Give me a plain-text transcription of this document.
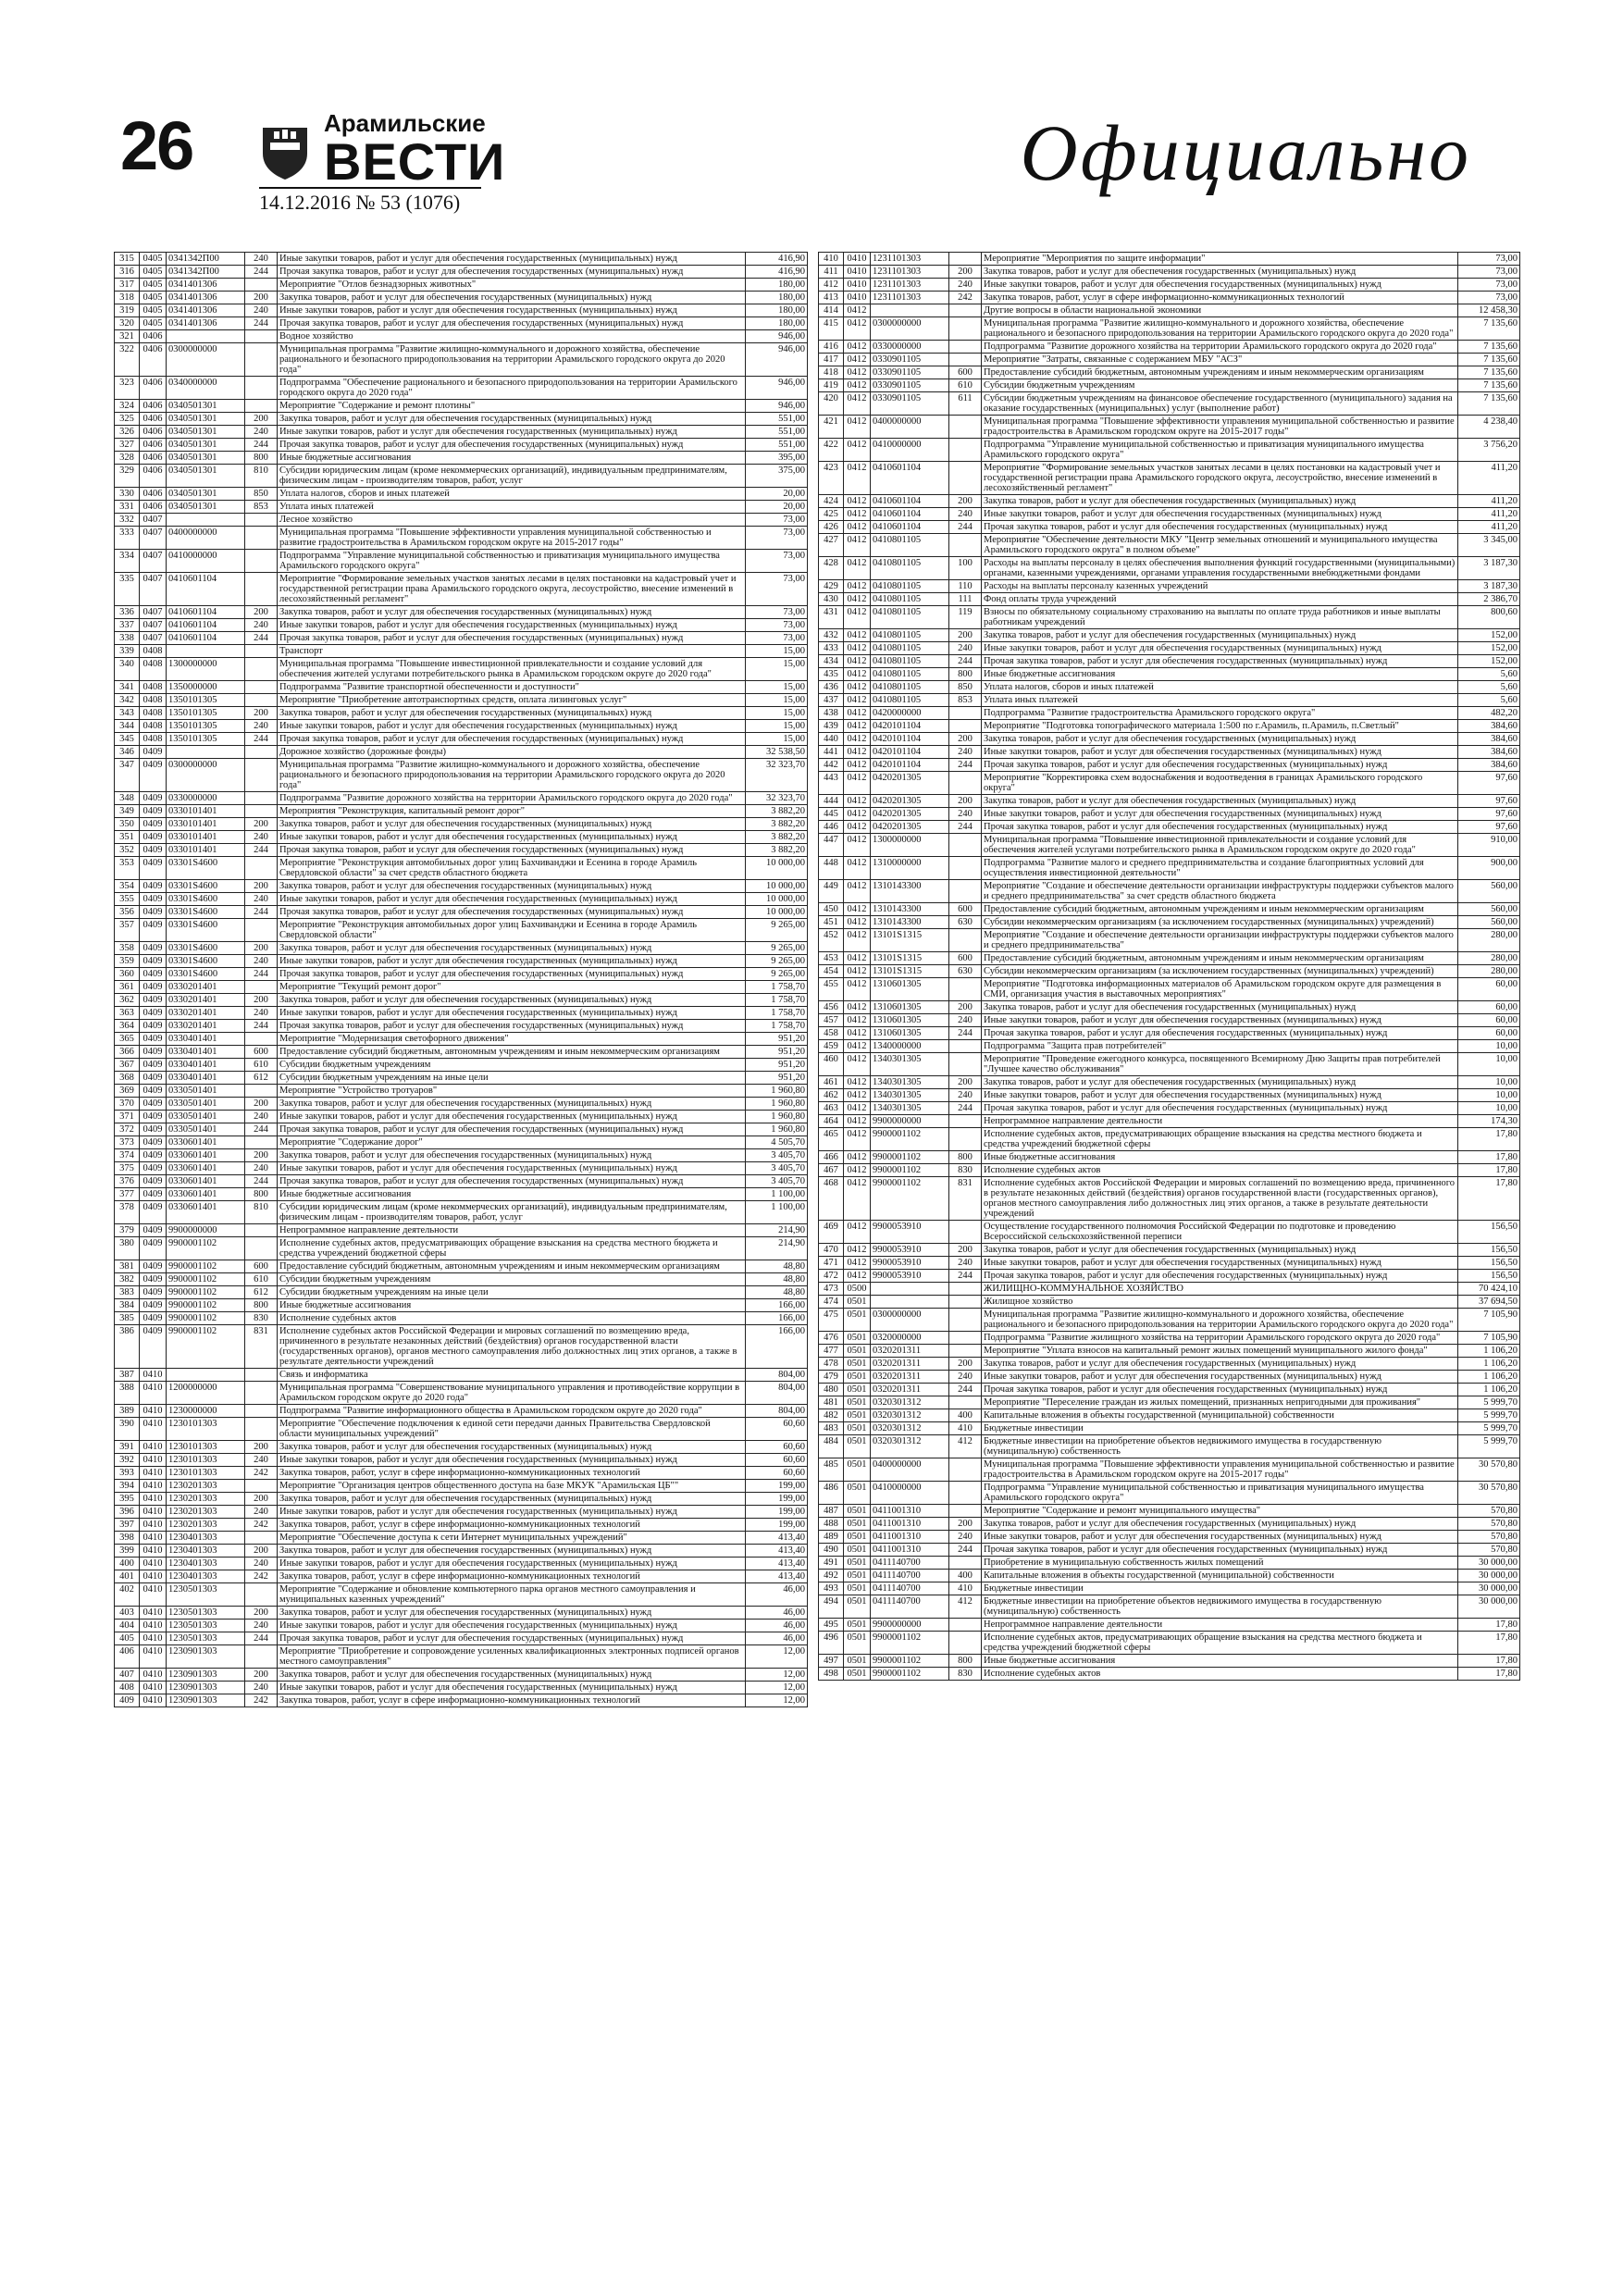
26	Арамильские
ВЕСТИ
14.12.2016 № 53 (1076)
Официально
315	0405	0341342П00	240	Иные закупки товаров, работ и услуг для обеспечения государственных (муниципальных) нужд	416,90
316	0405	0341342П00	244	Прочая закупка товаров, работ и услуг для обеспечения государственных (муниципальных) нужд	416,90
317	0405	0341401306		Мероприятие "Отлов безнадзорных животных"	180,00
318	0405	0341401306	200	Закупка товаров, работ и услуг для обеспечения государственных (муниципальных) нужд	180,00
319	0405	0341401306	240	Иные закупки товаров, работ и услуг для обеспечения государственных (муниципальных) нужд	180,00
320	0405	0341401306	244	Прочая закупка товаров, работ и услуг для обеспечения государственных (муниципальных) нужд	180,00
321	0406			Водное хозяйство	946,00
322	0406	0300000000		Муниципальная программа "Развитие жилищно-коммунального и дорожного хозяйства, обеспечение рационального и безопасного природопользования на территории Арамильского городского округа до 2020 года"	946,00
323	0406	0340000000		Подпрограмма "Обеспечение рационального и безопасного природопользования на территории Арамильского городского округа до 2020 года"	946,00
324	0406	0340501301		Мероприятие "Содержание и ремонт плотины"	946,00
325	0406	0340501301	200	Закупка товаров, работ и услуг для обеспечения государственных (муниципальных) нужд	551,00
326	0406	0340501301	240	Иные закупки товаров, работ и услуг для обеспечения государственных (муниципальных) нужд	551,00
327	0406	0340501301	244	Прочая закупка товаров, работ и услуг для обеспечения государственных (муниципальных) нужд	551,00
328	0406	0340501301	800	Иные бюджетные ассигнования	395,00
329	0406	0340501301	810	Субсидии юридическим лицам (кроме некоммерческих организаций), индивидуальным предпринимателям, физическим лицам - производителям товаров, работ, услуг	375,00
330	0406	0340501301	850	Уплата налогов, сборов и иных платежей	20,00
331	0406	0340501301	853	Уплата иных платежей	20,00
332	0407			Лесное хозяйство	73,00
333	0407	0400000000		Муниципальная программа "Повышение эффективности управления муниципальной собственностью и развитие градостроительства в Арамильском городском округе на 2015-2017 годы"	73,00
334	0407	0410000000		Подпрограмма "Управление муниципальной собственностью и приватизация муниципального имущества Арамильского городского округа"	73,00
335	0407	0410601104		Мероприятие "Формирование земельных участков занятых лесами в целях постановки на кадастровый учет и государственной регистрации права Арамильского городского округа, лесоустройство, внесение изменений в лесохозяйственный регламент"	73,00
336	0407	0410601104	200	Закупка товаров, работ и услуг для обеспечения государственных (муниципальных) нужд	73,00
337	0407	0410601104	240	Иные закупки товаров, работ и услуг для обеспечения государственных (муниципальных) нужд	73,00
338	0407	0410601104	244	Прочая закупка товаров, работ и услуг для обеспечения государственных (муниципальных) нужд	73,00
339	0408			Транспорт	15,00
340	0408	1300000000		Муниципальная программа "Повышение инвестиционной привлекательности и создание условий для обеспечения жителей услугами потребительского рынка в Арамильском городском округе до 2020 года"	15,00
341	0408	1350000000		Подпрограмма "Развитие транспортной обеспеченности и доступности"	15,00
342	0408	1350101305		Мероприятие "Приобретение автотранспортных средств, оплата лизинговых услуг"	15,00
343	0408	1350101305	200	Закупка товаров, работ и услуг для обеспечения государственных (муниципальных) нужд	15,00
344	0408	1350101305	240	Иные закупки товаров, работ и услуг для обеспечения государственных (муниципальных) нужд	15,00
345	0408	1350101305	244	Прочая закупка товаров, работ и услуг для обеспечения государственных (муниципальных) нужд	15,00
346	0409			Дорожное хозяйство (дорожные фонды)	32 538,50
347	0409	0300000000		Муниципальная программа "Развитие жилищно-коммунального и дорожного хозяйства, обеспечение рационального и безопасного природопользования на территории Арамильского городского округа до 2020 года"	32 323,70
348	0409	0330000000		Подпрограмма "Развитие дорожного хозяйства на территории Арамильского городского округа до 2020 года"	32 323,70
349	0409	0330101401		Мероприятия "Реконструкция, капитальный ремонт дорог"	3 882,20
350	0409	0330101401	200	Закупка товаров, работ и услуг для обеспечения государственных (муниципальных) нужд	3 882,20
351	0409	0330101401	240	Иные закупки товаров, работ и услуг для обеспечения государственных (муниципальных) нужд	3 882,20
352	0409	0330101401	244	Прочая закупка товаров, работ и услуг для обеспечения государственных (муниципальных) нужд	3 882,20
353	0409	03301S4600		Мероприятие "Реконструкция автомобильных дорог улиц Бахчиванджи и Есенина в городе Арамиль Свердловской области" за счет средств областного бюджета	10 000,00
354	0409	03301S4600	200	Закупка товаров, работ и услуг для обеспечения государственных (муниципальных) нужд	10 000,00
355	0409	03301S4600	240	Иные закупки товаров, работ и услуг для обеспечения государственных (муниципальных) нужд	10 000,00
356	0409	03301S4600	244	Прочая закупка товаров, работ и услуг для обеспечения государственных (муниципальных) нужд	10 000,00
357	0409	03301S4600		Мероприятие "Реконструкция автомобильных дорог улиц Бахчиванджи и Есенина в городе Арамиль Свердловской области"	9 265,00
358	0409	03301S4600	200	Закупка товаров, работ и услуг для обеспечения государственных (муниципальных) нужд	9 265,00
359	0409	03301S4600	240	Иные закупки товаров, работ и услуг для обеспечения государственных (муниципальных) нужд	9 265,00
360	0409	03301S4600	244	Прочая закупка товаров, работ и услуг для обеспечения государственных (муниципальных) нужд	9 265,00
361	0409	0330201401		Мероприятие "Текущий ремонт дорог"	1 758,70
362	0409	0330201401	200	Закупка товаров, работ и услуг для обеспечения государственных (муниципальных) нужд	1 758,70
363	0409	0330201401	240	Иные закупки товаров, работ и услуг для обеспечения государственных (муниципальных) нужд	1 758,70
364	0409	0330201401	244	Прочая закупка товаров, работ и услуг для обеспечения государственных (муниципальных) нужд	1 758,70
365	0409	0330401401		Мероприятие "Модернизация светофорного движения"	951,20
366	0409	0330401401	600	Предоставление субсидий бюджетным, автономным учреждениям и иным некоммерческим организациям	951,20
367	0409	0330401401	610	Субсидии бюджетным учреждениям	951,20
368	0409	0330401401	612	Субсидии бюджетным учреждениям на иные цели	951,20
369	0409	0330501401		Мероприятие "Устройство тротуаров"	1 960,80
370	0409	0330501401	200	Закупка товаров, работ и услуг для обеспечения государственных (муниципальных) нужд	1 960,80
371	0409	0330501401	240	Иные закупки товаров, работ и услуг для обеспечения государственных (муниципальных) нужд	1 960,80
372	0409	0330501401	244	Прочая закупка товаров, работ и услуг для обеспечения государственных (муниципальных) нужд	1 960,80
373	0409	0330601401		Мероприятие "Содержание дорог"	4 505,70
374	0409	0330601401	200	Закупка товаров, работ и услуг для обеспечения государственных (муниципальных) нужд	3 405,70
375	0409	0330601401	240	Иные закупки товаров, работ и услуг для обеспечения государственных (муниципальных) нужд	3 405,70
376	0409	0330601401	244	Прочая закупка товаров, работ и услуг для обеспечения государственных (муниципальных) нужд	3 405,70
377	0409	0330601401	800	Иные бюджетные ассигнования	1 100,00
378	0409	0330601401	810	Субсидии юридическим лицам (кроме некоммерческих организаций), индивидуальным предпринимателям, физическим лицам - производителям товаров, работ, услуг	1 100,00
379	0409	9900000000		Непрограммное направление деятельности	214,90
380	0409	9900001102		Исполнение судебных актов, предусматривающих обращение взыскания на средства местного бюджета и средства учреждений бюджетной сферы	214,90
381	0409	9900001102	600	Предоставление субсидий бюджетным, автономным учреждениям и иным некоммерческим организациям	48,80
382	0409	9900001102	610	Субсидии бюджетным учреждениям	48,80
383	0409	9900001102	612	Субсидии бюджетным учреждениям на иные цели	48,80
384	0409	9900001102	800	Иные бюджетные ассигнования	166,00
385	0409	9900001102	830	Исполнение судебных актов	166,00
386	0409	9900001102	831	Исполнение судебных актов Российской Федерации и мировых соглашений по возмещению вреда, причиненного в результате незаконных действий (бездействия) органов государственной власти (государственных органов), органов местного самоуправления либо должностных лиц этих органов, а также в результате деятельности учреждений	166,00
387	0410			Связь и информатика	804,00
388	0410	1200000000		Муниципальная программа "Совершенствование муниципального управления и противодействие коррупции в Арамильском городском округе до 2020 года"	804,00
389	0410	1230000000		Подпрограмма "Развитие информационного общества в Арамильском городском округе до 2020 года"	804,00
390	0410	1230101303		Мероприятие "Обеспечение подключения к единой сети передачи данных Правительства Свердловской области муниципальных учреждений"	60,60
391	0410	1230101303	200	Закупка товаров, работ и услуг для обеспечения государственных (муниципальных) нужд	60,60
392	0410	1230101303	240	Иные закупки товаров, работ и услуг для обеспечения государственных (муниципальных) нужд	60,60
393	0410	1230101303	242	Закупка товаров, работ, услуг в сфере информационно-коммуникационных технологий	60,60
394	0410	1230201303		Мероприятие "Организация центров общественного доступа на базе МКУК "Арамильская ЦБ""	199,00
395	0410	1230201303	200	Закупка товаров, работ и услуг для обеспечения государственных (муниципальных) нужд	199,00
396	0410	1230201303	240	Иные закупки товаров, работ и услуг для обеспечения государственных (муниципальных) нужд	199,00
397	0410	1230201303	242	Закупка товаров, работ, услуг в сфере информационно-коммуникационных технологий	199,00
398	0410	1230401303		Мероприятие "Обеспечение доступа к сети Интернет муниципальных учреждений"	413,40
399	0410	1230401303	200	Закупка товаров, работ и услуг для обеспечения государственных (муниципальных) нужд	413,40
400	0410	1230401303	240	Иные закупки товаров, работ и услуг для обеспечения государственных (муниципальных) нужд	413,40
401	0410	1230401303	242	Закупка товаров, работ, услуг в сфере информационно-коммуникационных технологий	413,40
402	0410	1230501303		Мероприятие "Содержание и обновление компьютерного парка органов местного самоуправления и муниципальных казенных учреждений"	46,00
403	0410	1230501303	200	Закупка товаров, работ и услуг для обеспечения государственных (муниципальных) нужд	46,00
404	0410	1230501303	240	Иные закупки товаров, работ и услуг для обеспечения государственных (муниципальных) нужд	46,00
405	0410	1230501303	244	Прочая закупка товаров, работ и услуг для обеспечения государственных (муниципальных) нужд	46,00
406	0410	1230901303		Мероприятие "Приобретение и сопровождение усиленных квалификационных электронных подписей органов местного самоуправления"	12,00
407	0410	1230901303	200	Закупка товаров, работ и услуг для обеспечения государственных (муниципальных) нужд	12,00
408	0410	1230901303	240	Иные закупки товаров, работ и услуг для обеспечения государственных (муниципальных) нужд	12,00
409	0410	1230901303	242	Закупка товаров, работ, услуг в сфере информационно-коммуникационных технологий	12,00
410	0410	1231101303		Мероприятие "Мероприятия по защите информации"	73,00
411	0410	1231101303	200	Закупка товаров, работ и услуг для обеспечения государственных (муниципальных) нужд	73,00
412	0410	1231101303	240	Иные закупки товаров, работ и услуг для обеспечения государственных (муниципальных) нужд	73,00
413	0410	1231101303	242	Закупка товаров, работ, услуг в сфере информационно-коммуникационных технологий	73,00
414	0412			Другие вопросы в области национальной экономики	12 458,30
415	0412	0300000000		Муниципальная программа "Развитие жилищно-коммунального и дорожного хозяйства, обеспечение рационального и безопасного природопользования на территории Арамильского городского округа до 2020 года"	7 135,60
416	0412	0330000000		Подпрограмма "Развитие дорожного хозяйства на территории Арамильского городского округа до 2020 года"	7 135,60
417	0412	0330901105		Мероприятие "Затраты, связанные с содержанием МБУ "АСЗ"	7 135,60
418	0412	0330901105	600	Предоставление субсидий бюджетным, автономным учреждениям и иным некоммерческим организациям	7 135,60
419	0412	0330901105	610	Субсидии бюджетным учреждениям	7 135,60
420	0412	0330901105	611	Субсидии бюджетным учреждениям на финансовое обеспечение государственного (муниципального) задания на оказание государственных (муниципальных) услуг (выполнение работ)	7 135,60
421	0412	0400000000		Муниципальная программа "Повышение эффективности управления муниципальной собственностью и развитие градостроительства в Арамильском городском округе на 2015-2017 годы"	4 238,40
422	0412	0410000000		Подпрограмма "Управление муниципальной собственностью и приватизация муниципального имущества Арамильского городского округа"	3 756,20
423	0412	0410601104		Мероприятие "Формирование земельных участков занятых лесами в целях постановки на кадастровый учет и государственной регистрации права Арамильского городского округа, лесоустройство, внесение изменений в лесохозяйственный регламент"	411,20
424	0412	0410601104	200	Закупка товаров, работ и услуг для обеспечения государственных (муниципальных) нужд	411,20
425	0412	0410601104	240	Иные закупки товаров, работ и услуг для обеспечения государственных (муниципальных) нужд	411,20
426	0412	0410601104	244	Прочая закупка товаров, работ и услуг для обеспечения государственных (муниципальных) нужд	411,20
427	0412	0410801105		Мероприятие "Обеспечение деятельности МКУ "Центр земельных отношений и муниципального имущества Арамильского городского округа" в полном объеме"	3 345,00
428	0412	0410801105	100	Расходы на выплаты персоналу в целях обеспечения выполнения функций государственными (муниципальными) органами, казенными учреждениями, органами управления государственными внебюджетными фондами	3 187,30
429	0412	0410801105	110	Расходы на выплаты персоналу казенных учреждений	3 187,30
430	0412	0410801105	111	Фонд оплаты труда учреждений	2 386,70
431	0412	0410801105	119	Взносы по обязательному социальному страхованию на выплаты по оплате труда работников и иные выплаты работникам учреждений	800,60
432	0412	0410801105	200	Закупка товаров, работ и услуг для обеспечения государственных (муниципальных) нужд	152,00
433	0412	0410801105	240	Иные закупки товаров, работ и услуг для обеспечения государственных (муниципальных) нужд	152,00
434	0412	0410801105	244	Прочая закупка товаров, работ и услуг для обеспечения государственных (муниципальных) нужд	152,00
435	0412	0410801105	800	Иные бюджетные ассигнования	5,60
436	0412	0410801105	850	Уплата налогов, сборов и иных платежей	5,60
437	0412	0410801105	853	Уплата иных платежей	5,60
438	0412	0420000000		Подпрограмма "Развитие градостроительства Арамильского городского округа"	482,20
439	0412	0420101104		Мероприятие "Подготовка топографического материала 1:500 по г.Арамиль, п.Арамиль, п.Светлый"	384,60
440	0412	0420101104	200	Закупка товаров, работ и услуг для обеспечения государственных (муниципальных) нужд	384,60
441	0412	0420101104	240	Иные закупки товаров, работ и услуг для обеспечения государственных (муниципальных) нужд	384,60
442	0412	0420101104	244	Прочая закупка товаров, работ и услуг для обеспечения государственных (муниципальных) нужд	384,60
443	0412	0420201305		Мероприятие "Корректировка схем водоснабжения и водоотведения в границах Арамильского городского округа"	97,60
444	0412	0420201305	200	Закупка товаров, работ и услуг для обеспечения государственных (муниципальных) нужд	97,60
445	0412	0420201305	240	Иные закупки товаров, работ и услуг для обеспечения государственных (муниципальных) нужд	97,60
446	0412	0420201305	244	Прочая закупка товаров, работ и услуг для обеспечения государственных (муниципальных) нужд	97,60
447	0412	1300000000		Муниципальная программа "Повышение инвестиционной привлекательности и создание условий для обеспечения жителей услугами потребительского рынка в Арамильском городском округе до 2020 года"	910,00
448	0412	1310000000		Подпрограмма "Развитие малого и среднего предпринимательства и создание благоприятных условий для осуществления инвестиционной деятельности"	900,00
449	0412	1310143300		Мероприятие "Создание и обеспечение деятельности организации инфраструктуры поддержки субъектов малого и среднего предпринимательства" за счет средств областного бюджета	560,00
450	0412	1310143300	600	Предоставление субсидий бюджетным, автономным учреждениям и иным некоммерческим организациям	560,00
451	0412	1310143300	630	Субсидии некоммерческим организациям (за исключением государственных (муниципальных) учреждений)	560,00
452	0412	13101S1315		Мероприятие "Создание и обеспечение деятельности организации инфраструктуры поддержки субъектов малого и среднего предпринимательства"	280,00
453	0412	13101S1315	600	Предоставление субсидий бюджетным, автономным учреждениям и иным некоммерческим организациям	280,00
454	0412	13101S1315	630	Субсидии некоммерческим организациям (за исключением государственных (муниципальных) учреждений)	280,00
455	0412	1310601305		Мероприятие "Подготовка информационных материалов об Арамильском городском округе для размещения в СМИ, организация участия в выставочных мероприятиях"	60,00
456	0412	1310601305	200	Закупка товаров, работ и услуг для обеспечения государственных (муниципальных) нужд	60,00
457	0412	1310601305	240	Иные закупки товаров, работ и услуг для обеспечения государственных (муниципальных) нужд	60,00
458	0412	1310601305	244	Прочая закупка товаров, работ и услуг для обеспечения государственных (муниципальных) нужд	60,00
459	0412	1340000000		Подпрограмма "Защита прав потребителей"	10,00
460	0412	1340301305		Мероприятие "Проведение ежегодного конкурса, посвященного Всемирному Дню Защиты прав потребителей "Лучшее качество обслуживания"	10,00
461	0412	1340301305	200	Закупка товаров, работ и услуг для обеспечения государственных (муниципальных) нужд	10,00
462	0412	1340301305	240	Иные закупки товаров, работ и услуг для обеспечения государственных (муниципальных) нужд	10,00
463	0412	1340301305	244	Прочая закупка товаров, работ и услуг для обеспечения государственных (муниципальных) нужд	10,00
464	0412	9900000000		Непрограммное направление деятельности	174,30
465	0412	9900001102		Исполнение судебных актов, предусматривающих обращение взыскания на средства местного бюджета и средства учреждений бюджетной сферы	17,80
466	0412	9900001102	800	Иные бюджетные ассигнования	17,80
467	0412	9900001102	830	Исполнение судебных актов	17,80
468	0412	9900001102	831	Исполнение судебных актов Российской Федерации и мировых соглашений по возмещению вреда, причиненного в результате незаконных действий (бездействия) органов государственной власти (государственных органов), органов местного самоуправления либо должностных лиц этих органов, а также в результате деятельности учреждений	17,80
469	0412	9900053910		Осуществление государственного полномочия Российской Федерации по подготовке и проведению Всероссийской сельскохозяйственной переписи	156,50
470	0412	9900053910	200	Закупка товаров, работ и услуг для обеспечения государственных (муниципальных) нужд	156,50
471	0412	9900053910	240	Иные закупки товаров, работ и услуг для обеспечения государственных (муниципальных) нужд	156,50
472	0412	9900053910	244	Прочая закупка товаров, работ и услуг для обеспечения государственных (муниципальных) нужд	156,50
473	0500			ЖИЛИЩНО-КОММУНАЛЬНОЕ ХОЗЯЙСТВО	70 424,10
474	0501			Жилищное хозяйство	37 694,50
475	0501	0300000000		Муниципальная программа "Развитие жилищно-коммунального и дорожного хозяйства, обеспечение рационального и безопасного природопользования на территории Арамильского городского округа до 2020 года"	7 105,90
476	0501	0320000000		Подпрограмма "Развитие жилищного хозяйства на территории Арамильского городского округа до 2020 года"	7 105,90
477	0501	0320201311		Мероприятие "Уплата взносов на капитальный ремонт жилых помещений муниципального жилого фонда"	1 106,20
478	0501	0320201311	200	Закупка товаров, работ и услуг для обеспечения государственных (муниципальных) нужд	1 106,20
479	0501	0320201311	240	Иные закупки товаров, работ и услуг для обеспечения государственных (муниципальных) нужд	1 106,20
480	0501	0320201311	244	Прочая закупка товаров, работ и услуг для обеспечения государственных (муниципальных) нужд	1 106,20
481	0501	0320301312		Мероприятие "Переселение граждан из жилых помещений, признанных непригодными для проживания"	5 999,70
482	0501	0320301312	400	Капитальные вложения в объекты государственной (муниципальной) собственности	5 999,70
483	0501	0320301312	410	Бюджетные инвестиции	5 999,70
484	0501	0320301312	412	Бюджетные инвестиции на приобретение объектов недвижимого имущества в государственную (муниципальную) собственность	5 999,70
485	0501	0400000000		Муниципальная программа "Повышение эффективности управления муниципальной собственностью и развитие градостроительства в Арамильском городском округе на 2015-2017 годы"	30 570,80
486	0501	0410000000		Подпрограмма "Управление муниципальной собственностью и приватизация муниципального имущества Арамильского городского округа"	30 570,80
487	0501	0411001310		Мероприятие "Содержание и ремонт муниципального имущества"	570,80
488	0501	0411001310	200	Закупка товаров, работ и услуг для обеспечения государственных (муниципальных) нужд	570,80
489	0501	0411001310	240	Иные закупки товаров, работ и услуг для обеспечения государственных (муниципальных) нужд	570,80
490	0501	0411001310	244	Прочая закупка товаров, работ и услуг для обеспечения государственных (муниципальных) нужд	570,80
491	0501	0411140700		Приобретение в муниципальную собственность жилых помещений	30 000,00
492	0501	0411140700	400	Капитальные вложения в объекты государственной (муниципальной) собственности	30 000,00
493	0501	0411140700	410	Бюджетные инвестиции	30 000,00
494	0501	0411140700	412	Бюджетные инвестиции на приобретение объектов недвижимого имущества в государственную (муниципальную) собственность	30 000,00
495	0501	9900000000		Непрограммное направление деятельности	17,80
496	0501	9900001102		Исполнение судебных актов, предусматривающих обращение взыскания на средства местного бюджета и средства учреждений бюджетной сферы	17,80
497	0501	9900001102	800	Иные бюджетные ассигнования	17,80
498	0501	9900001102	830	Исполнение судебных актов	17,80
